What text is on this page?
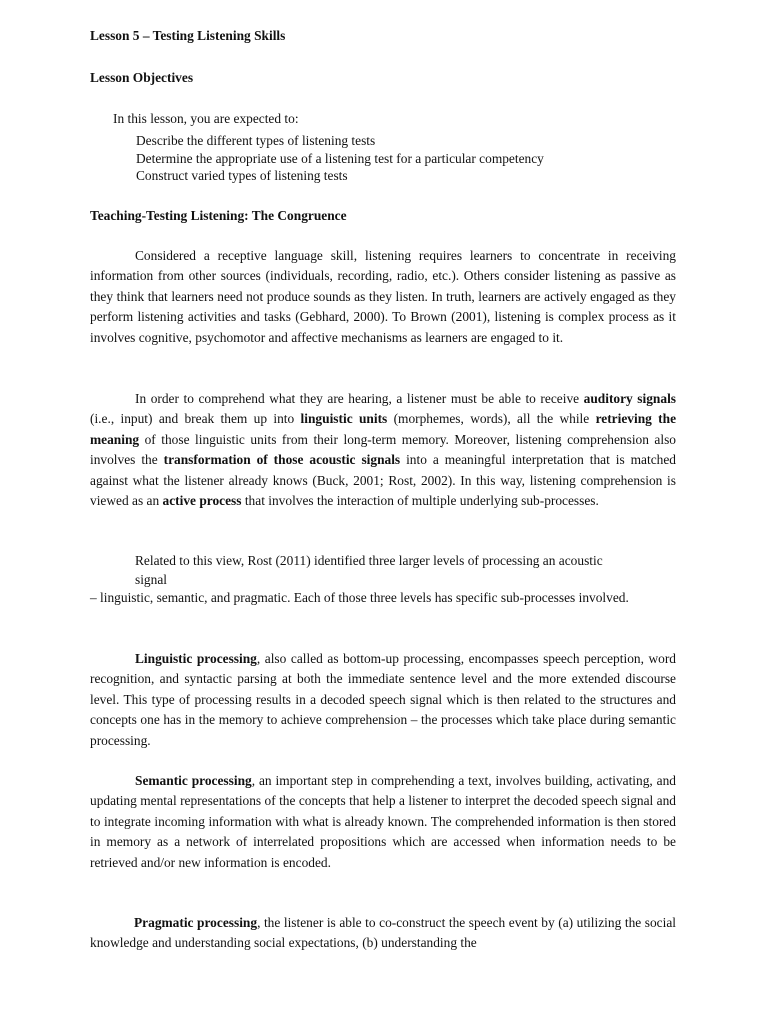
Lesson 5 – Testing Listening Skills

Lesson Objectives

In this lesson, you are expected to:

Describe the different types of listening tests
Determine the appropriate use of a listening test for a particular competency
Construct varied types of listening tests

Teaching-Testing Listening: The Congruence

Considered a receptive language skill, listening requires learners to concentrate in receiving information from other sources (individuals, recording, radio, etc.). Others consider listening as passive as they think that learners need not produce sounds as they listen. In truth, learners are actively engaged as they perform listening activities and tasks (Gebhard, 2000). To Brown (2001), listening is complex process as it involves cognitive, psychomotor and affective mechanisms as learners are engaged to it.

In order to comprehend what they are hearing, a listener must be able to receive auditory signals (i.e., input) and break them up into linguistic units (morphemes, words), all the while retrieving the meaning of those linguistic units from their long-term memory. Moreover, listening comprehension also involves the transformation of those acoustic signals into a meaningful interpretation that is matched against what the listener already knows (Buck, 2001; Rost, 2002). In this way, listening comprehension is viewed as an active process that involves the interaction of multiple underlying sub-processes.

Related to this view, Rost (2011) identified three larger levels of processing an acoustic
signal
– linguistic, semantic, and pragmatic. Each of those three levels has specific sub-processes involved.

Linguistic processing, also called as bottom-up processing, encompasses speech perception, word recognition, and syntactic parsing at both the immediate sentence level and the more extended discourse level. This type of processing results in a decoded speech signal which is then related to the structures and concepts one has in the memory to achieve comprehension – the processes which take place during semantic processing.

Semantic processing, an important step in comprehending a text, involves building, activating, and updating mental representations of the concepts that help a listener to interpret the decoded speech signal and to integrate incoming information with what is already known. The comprehended information is then stored in memory as a network of interrelated propositions which are accessed when information needs to be retrieved and/or new information is encoded.

Pragmatic processing, the listener is able to co-construct the speech event by (a) utilizing the social knowledge and understanding social expectations, (b) understanding the
